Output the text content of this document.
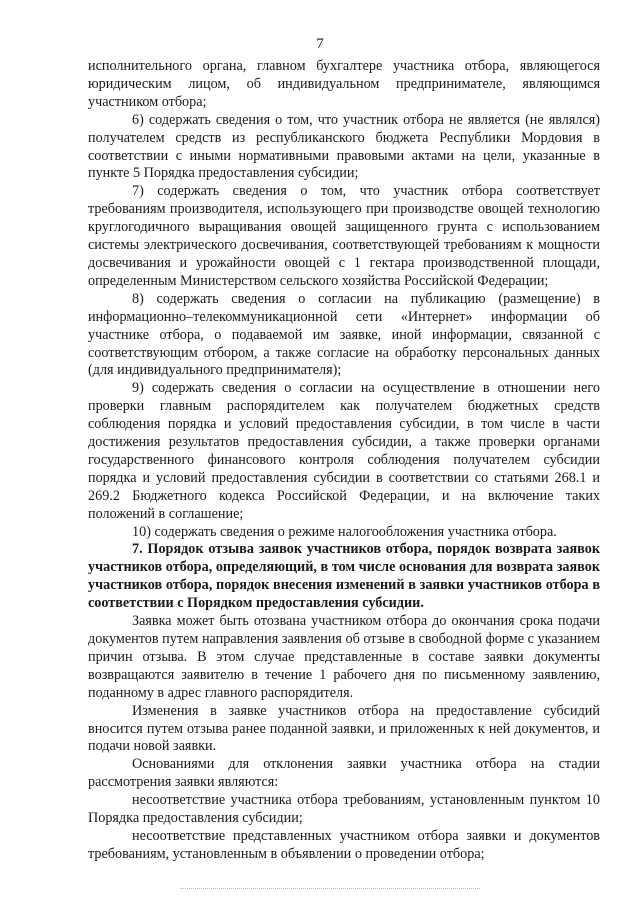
7

исполнительного органа, главном бухгалтере участника отбора, являющегося юридическим лицом, об индивидуальном предпринимателе, являющимся участником отбора;

6) содержать сведения о том, что участник отбора не является (не являлся) получателем средств из республиканского бюджета Республики Мордовия в соответствии с иными нормативными правовыми актами на цели, указанные в пункте 5 Порядка предоставления субсидии;

7) содержать сведения о том, что участник отбора соответствует требованиям производителя, использующего при производстве овощей технологию круглогодичного выращивания овощей защищенного грунта с использованием системы электрического досвечивания, соответствующей требованиям к мощности досвечивания и урожайности овощей с 1 гектара производственной площади, определенным Министерством сельского хозяйства Российской Федерации;

8) содержать сведения о согласии на публикацию (размещение) в информационно–телекоммуникационной сети «Интернет» информации об участнике отбора, о подаваемой им заявке, иной информации, связанной с соответствующим отбором, а также согласие на обработку персональных данных (для индивидуального предпринимателя);

9) содержать сведения о согласии на осуществление в отношении него проверки главным распорядителем как получателем бюджетных средств соблюдения порядка и условий предоставления субсидии, в том числе в части достижения результатов предоставления субсидии, а также проверки органами государственного финансового контроля соблюдения получателем субсидии порядка и условий предоставления субсидии в соответствии со статьями 268.1 и 269.2 Бюджетного кодекса Российской Федерации, и на включение таких положений в соглашение;

10) содержать сведения о режиме налогообложения участника отбора.

7. Порядок отзыва заявок участников отбора, порядок возврата заявок участников отбора, определяющий, в том числе основания для возврата заявок участников отбора, порядок внесения изменений в заявки участников отбора в соответствии с Порядком предоставления субсидии.

Заявка может быть отозвана участником отбора до окончания срока подачи документов путем направления заявления об отзыве в свободной форме с указанием причин отзыва. В этом случае представленные в составе заявки документы возвращаются заявителю в течение 1 рабочего дня по письменному заявлению, поданному в адрес главного распорядителя.

Изменения в заявке участников отбора на предоставление субсидий вносится путем отзыва ранее поданной заявки, и приложенных к ней документов, и подачи новой заявки.

Основаниями для отклонения заявки участника отбора на стадии рассмотрения заявки являются:

несоответствие участника отбора требованиям, установленным пунктом 10 Порядка предоставления субсидии;

несоответствие представленных участником отбора заявки и документов требованиям, установленным в объявлении о проведении отбора;
